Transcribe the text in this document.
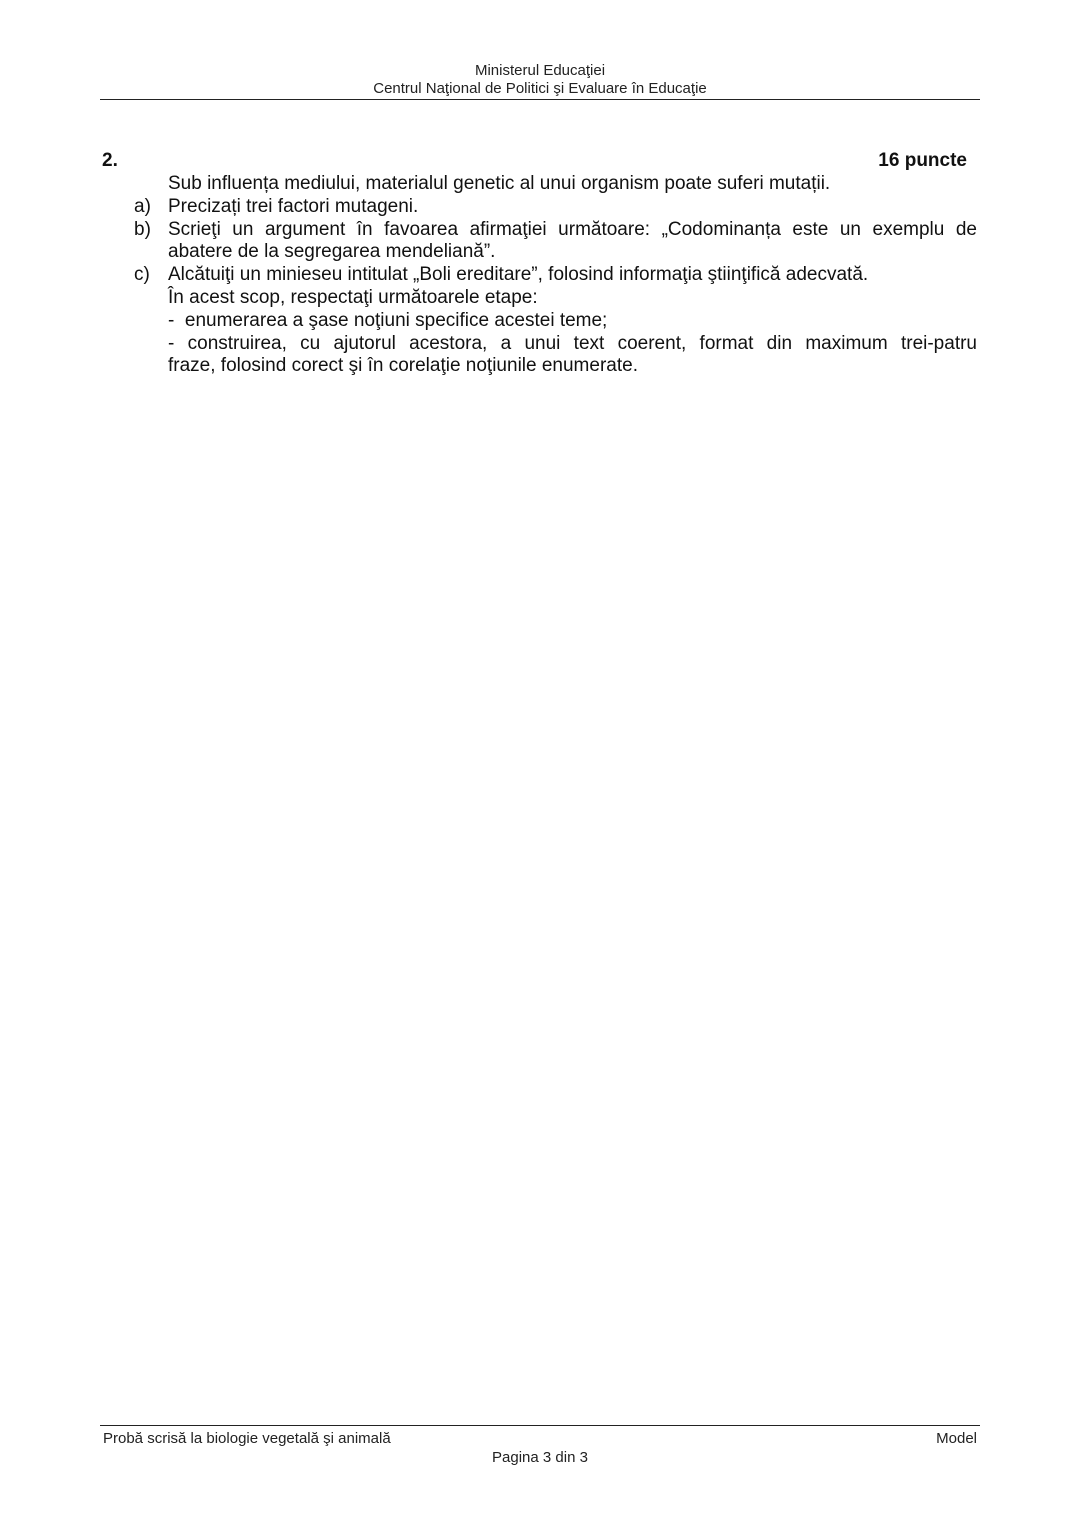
Ministerul Educaţiei
Centrul Naţional de Politici şi Evaluare în Educaţie
2.	16 puncte
Sub influența mediului, materialul genetic al unui organism poate suferi mutații.
a) Precizați trei factori mutageni.
b) Scrieţi un argument în favoarea afirmaţiei următoare: „Codominanța este un exemplu de
abatere de la segregarea mendeliană”.
c) Alcătuiţi un minieseu intitulat „Boli ereditare”, folosind informaţia ştiinţifică adecvată.
În acest scop, respectaţi următoarele etape:
-  enumerarea a şase noţiuni specifice acestei teme;
- construirea, cu ajutorul acestora, a unui text coerent, format din maximum trei-patru
fraze, folosind corect şi în corelaţie noţiunile enumerate.
Probă scrisă la biologie vegetală şi animală	Model
Pagina 3 din 3
